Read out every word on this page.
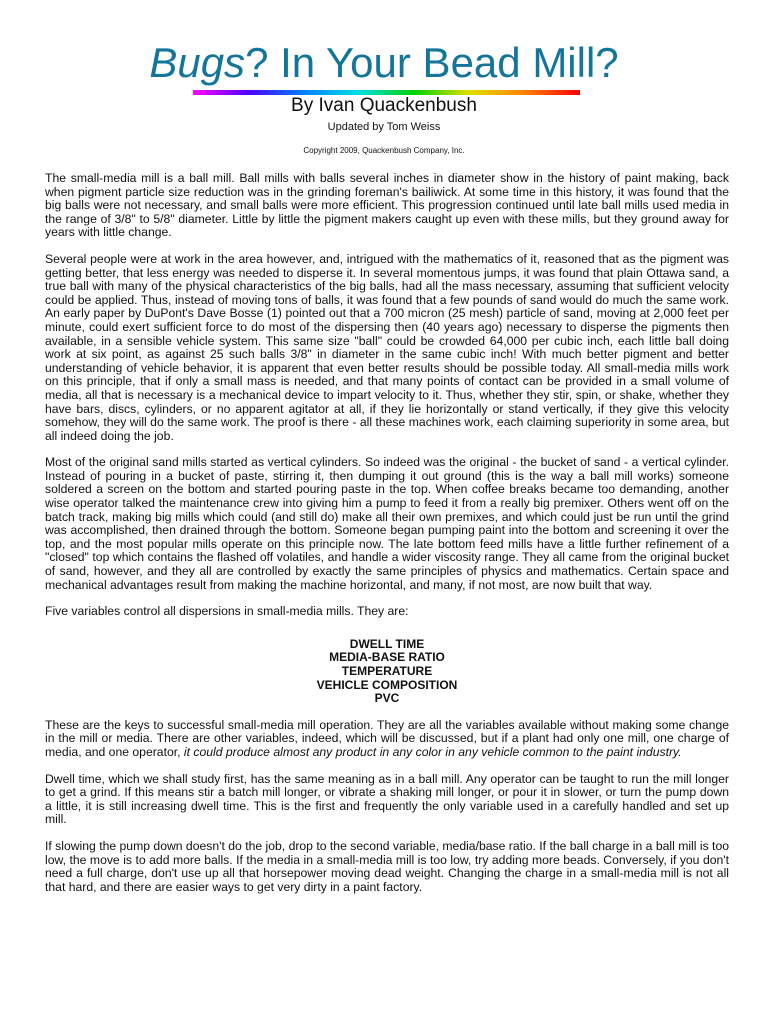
Bugs? In Your Bead Mill?
By Ivan Quackenbush
Updated by Tom Weiss
Copyright 2009, Quackenbush Company, Inc.

The small-media mill is a ball mill. Ball mills with balls several inches in diameter show in the history of paint making, back when pigment particle size reduction was in the grinding foreman's bailiwick. At some time in this history, it was found that the big balls were not necessary, and small balls were more efficient. This progression continued until late ball mills used media in the range of 3/8" to 5/8" diameter. Little by little the pigment makers caught up even with these mills, but they ground away for years with little change.

Several people were at work in the area however, and, intrigued with the mathematics of it, reasoned that as the pigment was getting better, that less energy was needed to disperse it. In several momentous jumps, it was found that plain Ottawa sand, a true ball with many of the physical characteristics of the big balls, had all the mass necessary, assuming that sufficient velocity could be applied. Thus, instead of moving tons of balls, it was found that a few pounds of sand would do much the same work. An early paper by DuPont's Dave Bosse (1) pointed out that a 700 micron (25 mesh) particle of sand, moving at 2,000 feet per minute, could exert sufficient force to do most of the dispersing then (40 years ago) necessary to disperse the pigments then available, in a sensible vehicle system. This same size "ball" could be crowded 64,000 per cubic inch, each little ball doing work at six point, as against 25 such balls 3/8" in diameter in the same cubic inch! With much better pigment and better understanding of vehicle behavior, it is apparent that even better results should be possible today. All small-media mills work on this principle, that if only a small mass is needed, and that many points of contact can be provided in a small volume of media, all that is necessary is a mechanical device to impart velocity to it. Thus, whether they stir, spin, or shake, whether they have bars, discs, cylinders, or no apparent agitator at all, if they lie horizontally or stand vertically, if they give this velocity somehow, they will do the same work. The proof is there - all these machines work, each claiming superiority in some area, but all indeed doing the job.

Most of the original sand mills started as vertical cylinders. So indeed was the original - the bucket of sand - a vertical cylinder. Instead of pouring in a bucket of paste, stirring it, then dumping it out ground (this is the way a ball mill works) someone soldered a screen on the bottom and started pouring paste in the top. When coffee breaks became too demanding, another wise operator talked the maintenance crew into giving him a pump to feed it from a really big premixer. Others went off on the batch track, making big mills which could (and still do) make all their own premixes, and which could just be run until the grind was accomplished, then drained through the bottom. Someone began pumping paint into the bottom and screening it over the top, and the most popular mills operate on this principle now. The late bottom feed mills have a little further refinement of a "closed" top which contains the flashed off volatiles, and handle a wider viscosity range. They all came from the original bucket of sand, however, and they all are controlled by exactly the same principles of physics and mathematics. Certain space and mechanical advantages result from making the machine horizontal, and many, if not most, are now built that way.

Five variables control all dispersions in small-media mills. They are:

DWELL TIME
MEDIA-BASE RATIO
TEMPERATURE
VEHICLE COMPOSITION
PVC

These are the keys to successful small-media mill operation. They are all the variables available without making some change in the mill or media. There are other variables, indeed, which will be discussed, but if a plant had only one mill, one charge of media, and one operator, it could produce almost any product in any color in any vehicle common to the paint industry.

Dwell time, which we shall study first, has the same meaning as in a ball mill. Any operator can be taught to run the mill longer to get a grind. If this means stir a batch mill longer, or vibrate a shaking mill longer, or pour it in slower, or turn the pump down a little, it is still increasing dwell time. This is the first and frequently the only variable used in a carefully handled and set up mill.

If slowing the pump down doesn't do the job, drop to the second variable, media/base ratio. If the ball charge in a ball mill is too low, the move is to add more balls. If the media in a small-media mill is too low, try adding more beads. Conversely, if you don't need a full charge, don't use up all that horsepower moving dead weight. Changing the charge in a small-media mill is not all that hard, and there are easier ways to get very dirty in a paint factory.
